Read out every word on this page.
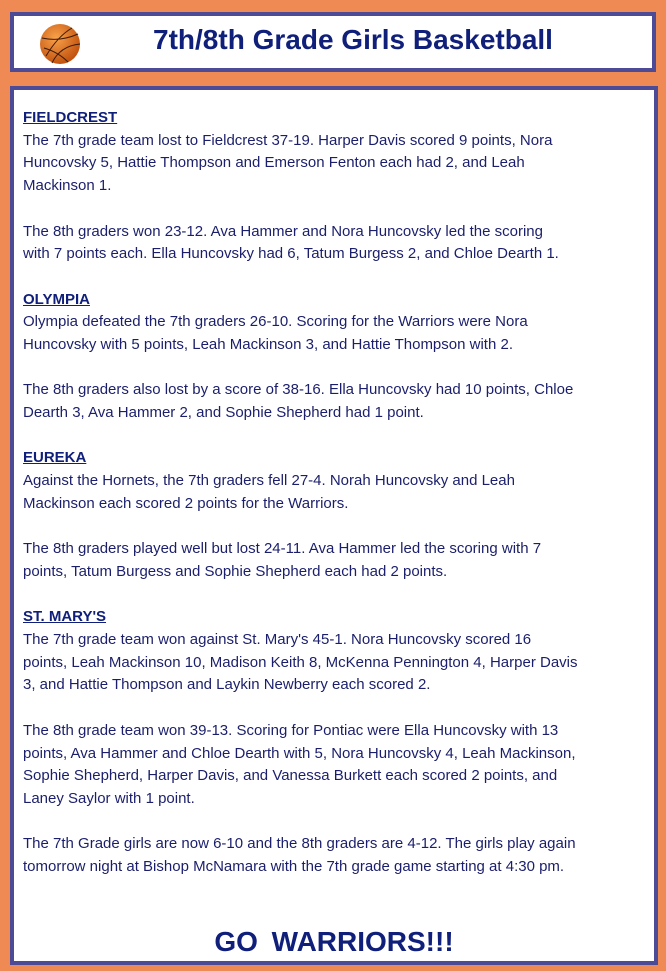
7th/8th Grade Girls Basketball
FIELDCREST
The 7th grade team lost to Fieldcrest 37-19. Harper Davis scored 9 points, Nora
Huncovsky 5, Hattie Thompson and Emerson Fenton each had 2, and Leah
Mackinson 1.
The 8th graders won 23-12. Ava Hammer and Nora Huncovsky led the scoring
with 7 points each. Ella Huncovsky had 6, Tatum Burgess 2, and Chloe Dearth 1.
OLYMPIA
Olympia defeated the 7th graders 26-10. Scoring for the Warriors were Nora
Huncovsky with 5 points, Leah Mackinson 3, and Hattie Thompson with 2.
The 8th graders also lost by a score of 38-16. Ella Huncovsky had 10 points, Chloe
Dearth 3, Ava Hammer 2, and Sophie Shepherd had 1 point.
EUREKA
Against the Hornets, the 7th graders fell 27-4. Norah Huncovsky and Leah
Mackinson each scored 2 points for the Warriors.
The 8th graders played well but lost 24-11. Ava Hammer led the scoring with 7
points, Tatum Burgess and Sophie Shepherd each had 2 points.
ST. MARY'S
The 7th grade team won against St. Mary's 45-1. Nora Huncovsky scored 16
points, Leah Mackinson 10, Madison Keith 8, McKenna Pennington 4, Harper Davis
3, and Hattie Thompson and Laykin Newberry each scored 2.
The 8th grade team won 39-13. Scoring for Pontiac were Ella Huncovsky with 13
points, Ava Hammer and Chloe Dearth with 5, Nora Huncovsky 4, Leah Mackinson,
Sophie Shepherd, Harper Davis, and Vanessa Burkett each scored 2 points, and
Laney Saylor with 1 point.
The 7th Grade girls are now 6-10 and the 8th graders are 4-12. The girls play again
tomorrow night at Bishop McNamara with the 7th grade game starting at 4:30 pm.
GO WARRIORS!!!
